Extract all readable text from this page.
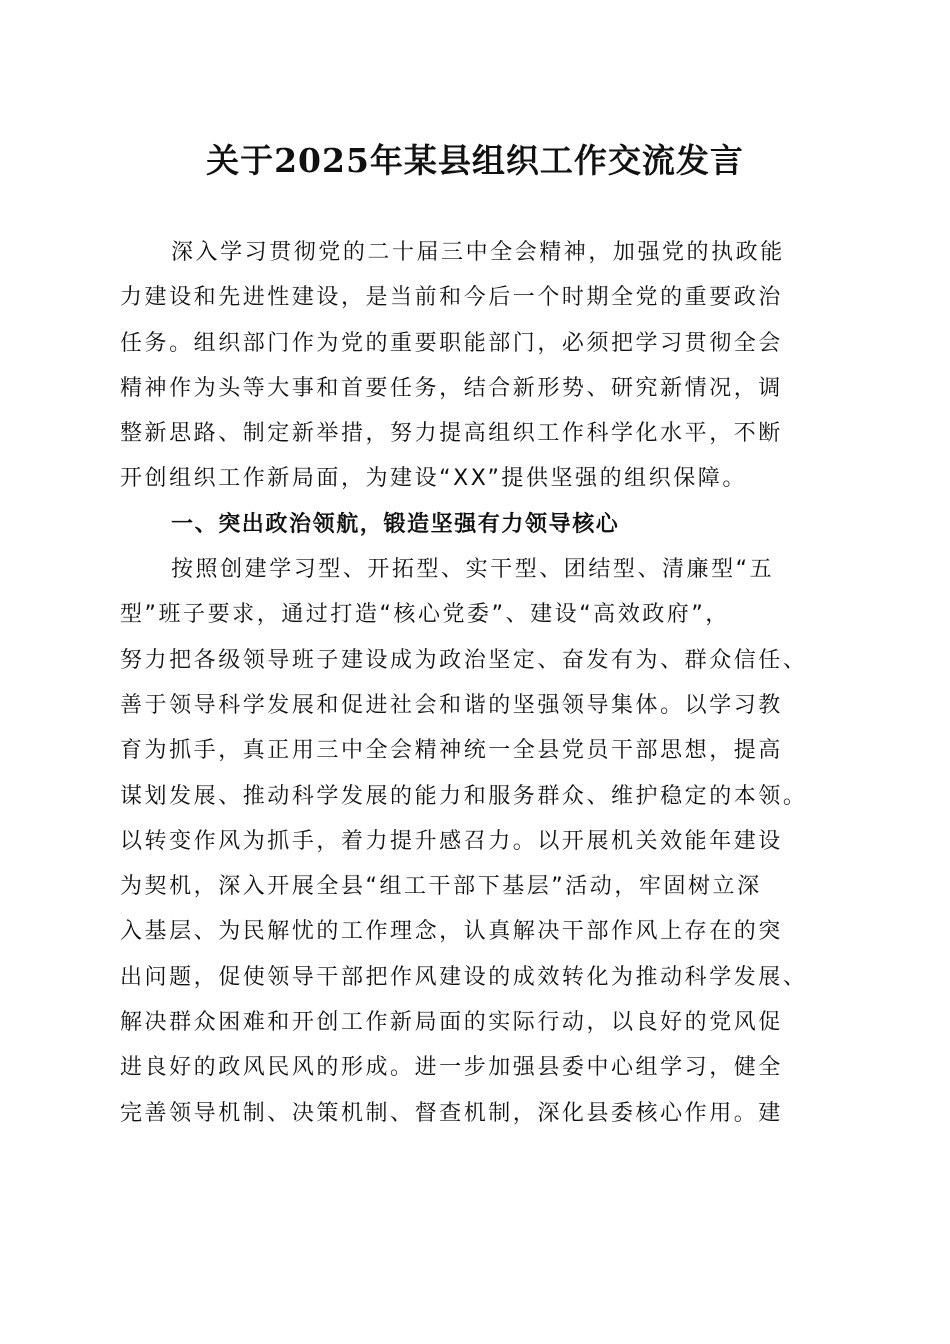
关于2025年某县组织工作交流发言
深入学习贯彻党的二十届三中全会精神，加强党的执政能
力建设和先进性建设，是当前和今后一个时期全党的重要政治
任务。组织部门作为党的重要职能部门，必须把学习贯彻全会
精神作为头等大事和首要任务，结合新形势、研究新情况，调
整新思路、制定新举措，努力提高组织工作科学化水平，不断
开创组织工作新局面，为建设“XX”提供坚强的组织保障。
一、突出政治领航，锻造坚强有力领导核心
按照创建学习型、开拓型、实干型、团结型、清廉型“五
型”班子要求，通过打造“核心党委”、建设“高效政府”，
努力把各级领导班子建设成为政治坚定、奋发有为、群众信任、
善于领导科学发展和促进社会和谐的坚强领导集体。以学习教
育为抓手，真正用三中全会精神统一全县党员干部思想，提高
谋划发展、推动科学发展的能力和服务群众、维护稳定的本领。
以转变作风为抓手，着力提升感召力。以开展机关效能年建设
为契机，深入开展全县“组工干部下基层”活动，牢固树立深
入基层、为民解忧的工作理念，认真解决干部作风上存在的突
出问题，促使领导干部把作风建设的成效转化为推动科学发展、
解决群众困难和开创工作新局面的实际行动，以良好的党风促
进良好的政风民风的形成。进一步加强县委中心组学习，健全
完善领导机制、决策机制、督查机制，深化县委核心作用。建
